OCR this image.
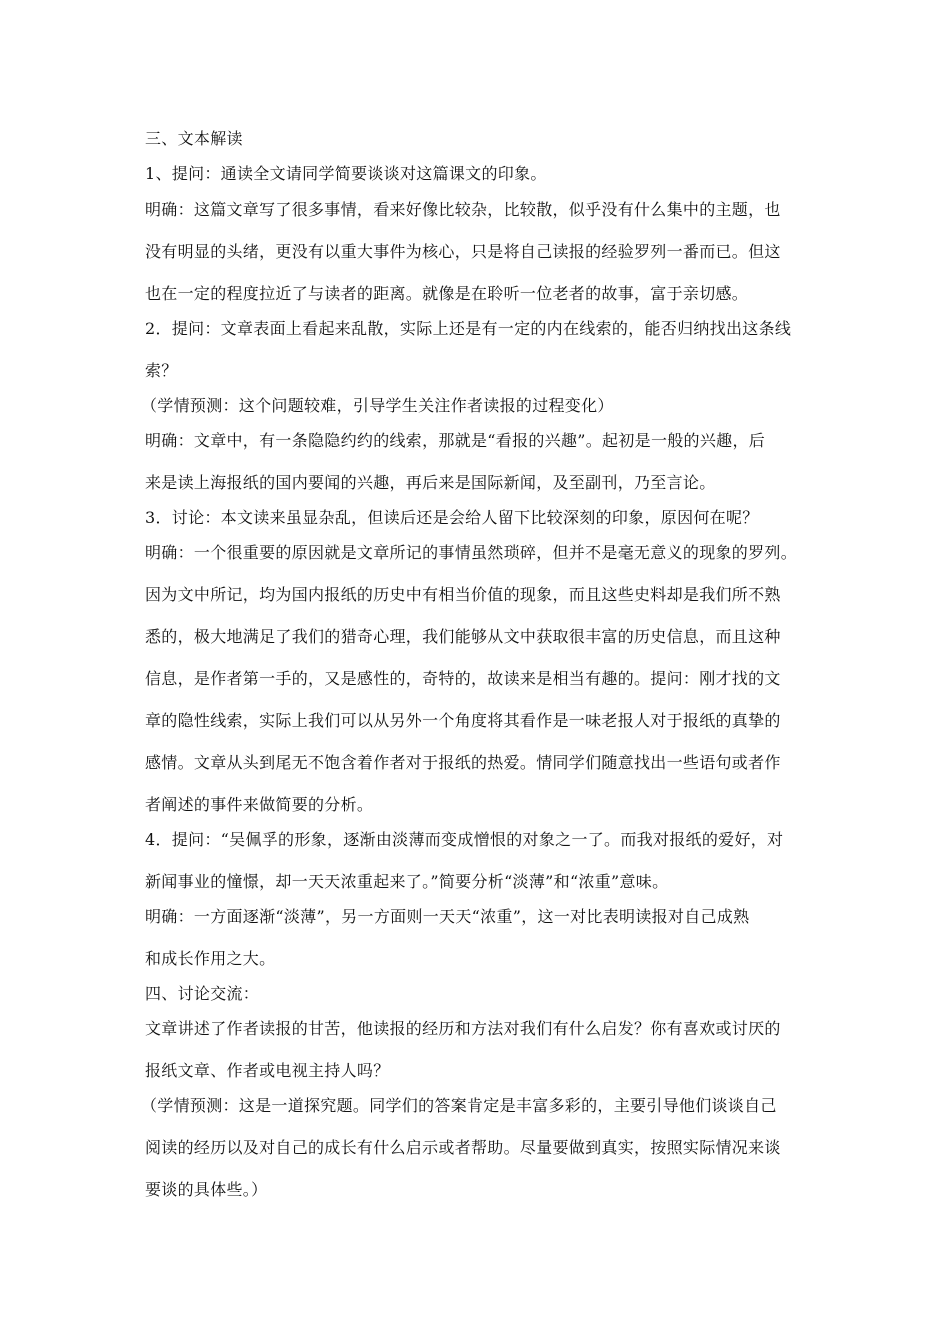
三、文本解读
1、提问：通读全文请同学简要谈谈对这篇课文的印象。
明确：这篇文章写了很多事情，看来好像比较杂，比较散，似乎没有什么集中的主题，也
没有明显的头绪，更没有以重大事件为核心，只是将自己读报的经验罗列一番而已。但这
也在一定的程度拉近了与读者的距离。就像是在聆听一位老者的故事，富于亲切感。
2．提问：文章表面上看起来乱散，实际上还是有一定的内在线索的，能否归纳找出这条线
索？
（学情预测：这个问题较难，引导学生关注作者读报的过程变化）
明确：文章中，有一条隐隐约约的线索，那就是“看报的兴趣”。起初是一般的兴趣，后
来是读上海报纸的国内要闻的兴趣，再后来是国际新闻，及至副刊，乃至言论。
3．讨论：本文读来虽显杂乱，但读后还是会给人留下比较深刻的印象，原因何在呢？
明确：一个很重要的原因就是文章所记的事情虽然琐碎，但并不是毫无意义的现象的罗列。
因为文中所记，均为国内报纸的历史中有相当价值的现象，而且这些史料却是我们所不熟
悉的，极大地满足了我们的猎奇心理，我们能够从文中获取很丰富的历史信息，而且这种
信息，是作者第一手的，又是感性的，奇特的，故读来是相当有趣的。提问：刚才找的文
章的隐性线索，实际上我们可以从另外一个角度将其看作是一味老报人对于报纸的真挚的
感情。文章从头到尾无不饱含着作者对于报纸的热爱。情同学们随意找出一些语句或者作
者阐述的事件来做简要的分析。
4．提问：“吴佩孚的形象，逐渐由淡薄而变成憎恨的对象之一了。而我对报纸的爱好，对
新闻事业的憧憬，却一天天浓重起来了。”简要分析“淡薄”和“浓重”意味。
明确：一方面逐渐“淡薄”，另一方面则一天天“浓重”，这一对比表明读报对自己成熟
和成长作用之大。
四、讨论交流：
文章讲述了作者读报的甘苦，他读报的经历和方法对我们有什么启发？你有喜欢或讨厌的
报纸文章、作者或电视主持人吗？
（学情预测：这是一道探究题。同学们的答案肯定是丰富多彩的，主要引导他们谈谈自己
阅读的经历以及对自己的成长有什么启示或者帮助。尽量要做到真实，按照实际情况来谈
要谈的具体些。）
